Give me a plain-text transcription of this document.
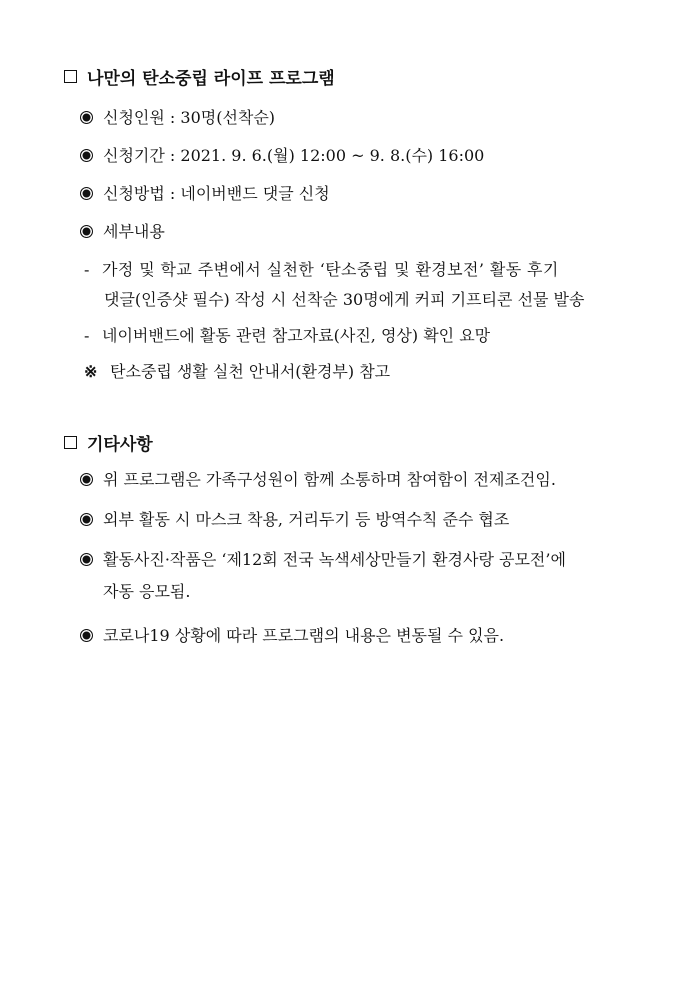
나만의 탄소중립 라이프 프로그램
신청인원 : 30명(선착순)
신청기간 : 2021. 9. 6.(월) 12:00 ~ 9. 8.(수) 16:00
신청방법 : 네이버밴드 댓글 신청
세부내용
- 가정 및 학교 주변에서 실천한 ‘탄소중립 및 환경보전’ 활동 후기
댓글(인증샷 필수) 작성 시 선착순 30명에게 커피 기프티콘 선물 발송
- 네이버밴드에 활동 관련 참고자료(사진, 영상) 확인 요망
※ 탄소중립 생활 실천 안내서(환경부) 참고
기타사항
위 프로그램은 가족구성원이 함께 소통하며 참여함이 전제조건임.
외부 활동 시 마스크 착용, 거리두기 등 방역수칙 준수 협조
활동사진·작품은 ‘제12회 전국 녹색세상만들기 환경사랑 공모전’에
자동 응모됨.
코로나19 상황에 따라 프로그램의 내용은 변동될 수 있음.
